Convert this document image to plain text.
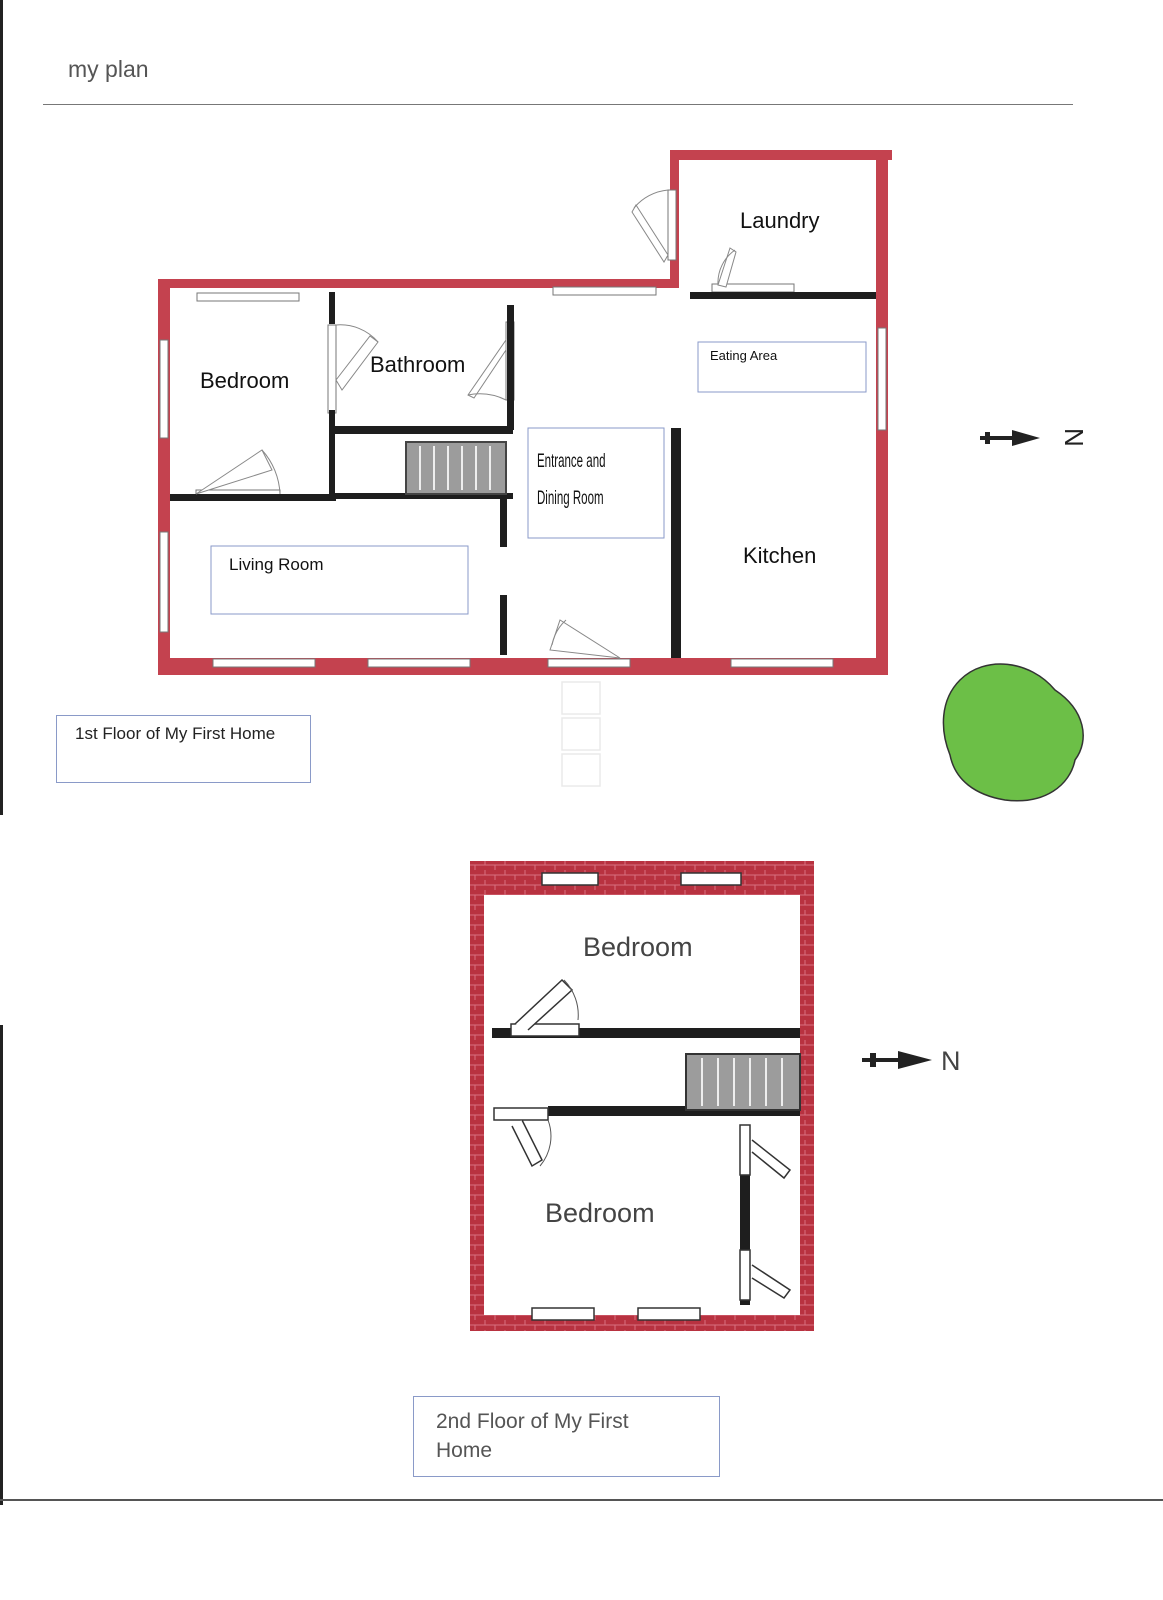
my plan
Bedroom
Bathroom
Laundry
Eating Area
Entrance and
Dining Room
Living Room	Kitchen
N
Bedroom
Bedroom
N
1st Floor of My First Home
2nd Floor of My First
Home
